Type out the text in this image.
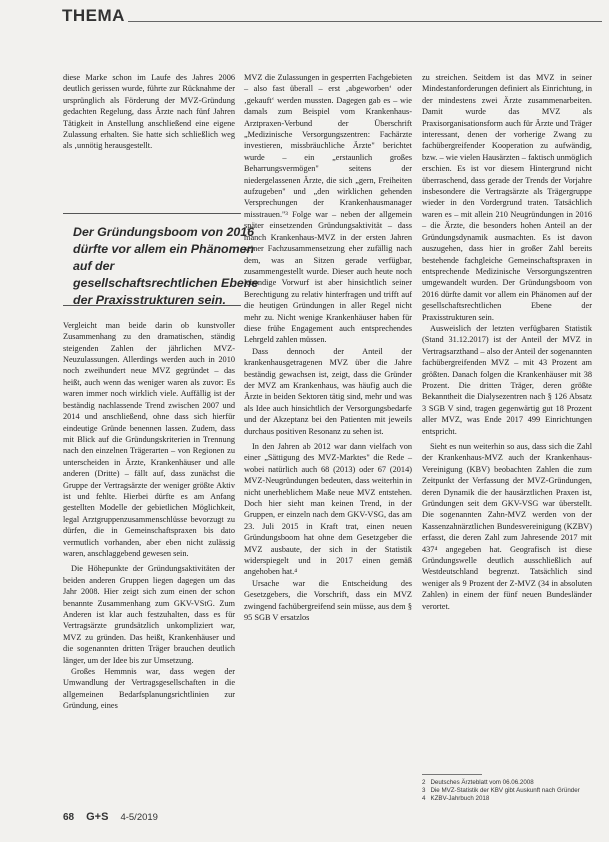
THEMA

diese Marke schon im Laufe des Jahres 2006 deutlich gerissen wurde, führte zur Rücknahme der ursprünglich als Förderung der MVZ-Gründung gedachten Regelung, dass Ärzte nach fünf Jahren Tätigkeit in Anstellung anschließend eine eigene Zulassung erhalten. Sie hatte sich schließlich weg als ‚unnötig herausgestellt.

Vergleicht man beide darin ob kunstvoller Zusammenhang zu den dramatischen, ständig steigenden Zahlen der jährlichen MVZ-Neuzulassungen. Allerdings werden auch in 2010 noch zweihundert neue MVZ gegründet – das heißt, auch wenn das weniger waren als zuvor: Es waren immer noch wirklich viele. Auffällig ist der beständig nachlassende Trend zwischen 2007 und 2014 und anschließend, ohne dass sich hierfür eindeutige Gründe benennen lassen. Zudem, dass mit Blick auf die Gründungskriterien in Trennung nach den einzelnen Trägerarten – von Regionen zu unterscheiden in Ärzte, Krankenhäuser und alle anderen (Dritte) – fällt auf, dass zunächst die Gruppe der Vertragsärzte der weniger größte Aktiv ist und fehlte. Hierbei dürfte es am Anfang gestellten Modelle der gebietlichen Möglichkeit, legal Arztgruppenzusammenschlüsse bevorzugt zu dürfen, die in Gemeinschaftspraxen bis dato vermutlich vorhanden, aber eben nicht zulässig waren, anschlaggebend gewesen sein.

Die Höhepunkte der Gründungsaktivitäten der beiden anderen Gruppen liegen dagegen um das Jahr 2008. Hier zeigt sich zum einen der schon benannte Zusammenhang zum GKV-VStG. Zum Anderen ist klar auch festzuhalten, dass es für Vertragsärzte grundsätzlich unkompliziert war, MVZ zu gründen. Das heißt, Krankenhäuser und die sogenannten dritten Träger brauchen deutlich länger, um der Idee bis zur Umsetzung.

Großes Hemmnis war, dass wegen der Umwandlung der Vertragsgesellschaften in die allgemeinen Bedarfsplanungsrichtlinien zur Gründung, eines

Der Gründungsboom von 2016 dürfte vor allem ein Phänomen auf der gesellschaftsrechtlichen Ebene der Praxisstrukturen sein.

MVZ die Zulassungen in gesperrten Fachgebieten – also fast überall – erst ‚abgeworben‘ oder ‚gekauft‘ werden mussten. Dagegen gab es – wie damals zum Beispiel vom Krankenhaus-Arztpraxen-Verbund der Überschrift „Medizinische Versorgungszentren: Fachärzte investieren, missbräuchliche Ärzte" berichtet wurde – ein „erstaunlich großes Beharrungsvermögen" seitens der niedergelassenen Ärzte, die sich „gern, Freiheiten aufzugeben" und „den wirklichen gehenden Versprechungen der Krankenhausmanager misstrauen."³ Folge war – neben der allgemein später einsetzenden Gründungsaktivität – dass manch Krankenhaus-MVZ in der ersten Jahren seiner Fachzusammensetzung eher zufällig nach dem, was an Sitzen gerade verfügbar, zusammengestellt wurde. Dieser auch heute noch lebendige Vorwurf ist aber hinsichtlich seiner Berechtigung zu relativ hinterfragen und trifft auf die heutigen Gründungen in aller Regel nicht mehr zu. Nicht wenige Krankenhäuser haben für diese frühe Engagement auch entsprechendes Lehrgeld zahlen müssen.

Dass dennoch der Anteil der krankenhausgetragenen MVZ über die Jahre beständig gewachsen ist, zeigt, dass die Gründer der MVZ am Krankenhaus, was häufig auch die Ärzte in beiden Sektoren tätig sind, mehr und was als Idee auch hinsichtlich der Versorgungsbedarfe und der Akzeptanz bei den Patienten mit jeweils durchaus positiven Resonanz zu sehen ist.

In den Jahren ab 2012 war dann vielfach von einer „Sättigung des MVZ-Marktes" die Rede – wobei natürlich auch 68 (2013) oder 67 (2014) MVZ-Neugründungen bedeuten, dass weiterhin in nicht unerheblichem Maße neue MVZ entstehen. Doch hier sieht man keinen Trend, in der Gruppen, er einzeln nach dem GKV-VSG, das am 23. Juli 2015 in Kraft trat, einen neuen Gründungsboom hat ohne dem Gesetzgeber die MVZ ausbaute, der sich in der Statistik widerspiegelt und in 2017 einen gemäß angehoben hat.⁴

Ursache war die Entscheidung des Gesetzgebers, die Vorschrift, dass ein MVZ zwingend fachübergreifend sein müsse, aus dem § 95 SGB V ersatzlos

zu streichen. Seitdem ist das MVZ in seiner Mindestanforderungen definiert als Einrichtung, in der mindestens zwei Ärzte zusammenarbeiten. Damit wurde das MVZ als Praxisorganisationsform auch für Ärzte und Träger interessant, denen der vorherige Zwang zu fachübergreifender Kooperation zu aufwändig, bzw. – wie vielen Hausärzten – faktisch unmöglich erschien. Es ist vor diesem Hintergrund nicht überraschend, dass gerade der Trends der Vorjahre insbesondere die Vertragsärzte als Trägergruppe wieder in den Vordergrund traten. Tatsächlich waren es – mit allein 210 Neugründungen in 2016 – die Ärzte, die besonders hohen Anteil an der Gründungsdynamik ausmachten. Es ist davon auszugehen, dass hier in großer Zahl bereits bestehende fachgleiche Gemeinschaftspraxen in entsprechende Medizinische Versorgungszentren umgewandelt wurden. Der Gründungsboom von 2016 dürfte damit vor allem ein Phänomen auf der gesellschaftsrechtlichen Ebene der Praxisstrukturen sein.

Ausweislich der letzten verfügbaren Statistik (Stand 31.12.2017) ist der Anteil der MVZ in Vertragsarzthand – also der Anteil der sogenannten fachübergreifenden MVZ – mit 43 Prozent am größten. Danach folgen die Krankenhäuser mit 38 Prozent. Die dritten Träger, deren größte Bekanntheit die Dialysezentren nach § 126 Absatz 3 SGB V sind, tragen gegenwärtig gut 18 Prozent aller MVZ, was Ende 2017 499 Einrichtungen entspricht.

Sieht es nun weiterhin so aus, dass sich die Zahl der Krankenhaus-MVZ auch der Krankenhaus-Vereinigung (KBV) beobachten Zahlen die zum Zeitpunkt der Verfassung der MVZ-Gründungen, deren Dynamik die der hausärztlichen Praxen ist, Gründungen seit dem GKV-VSG war überstellt. Die sogenannten Zahn-MVZ werden von der Kassenzahnärztlichen Bundesvereinigung (KZBV) erfasst, die deren Zahl zum Jahresende 2017 mit 437⁴ angegeben hat. Geografisch ist diese Gründungswelle deutlich ausschließlich auf Westdeutschland begrenzt. Tatsächlich sind weniger als 9 Prozent der Z-MVZ (34 in absoluten Zahlen) in einem der fünf neuen Bundesländer verortet.

2 Deutsches Ärzteblatt vom 06.06.2008
3 Die MVZ-Statistik der KBV gibt Auskunft nach Gründer
4 KZBV-Jahrbuch 2018
68 G+S 4-5/2019
